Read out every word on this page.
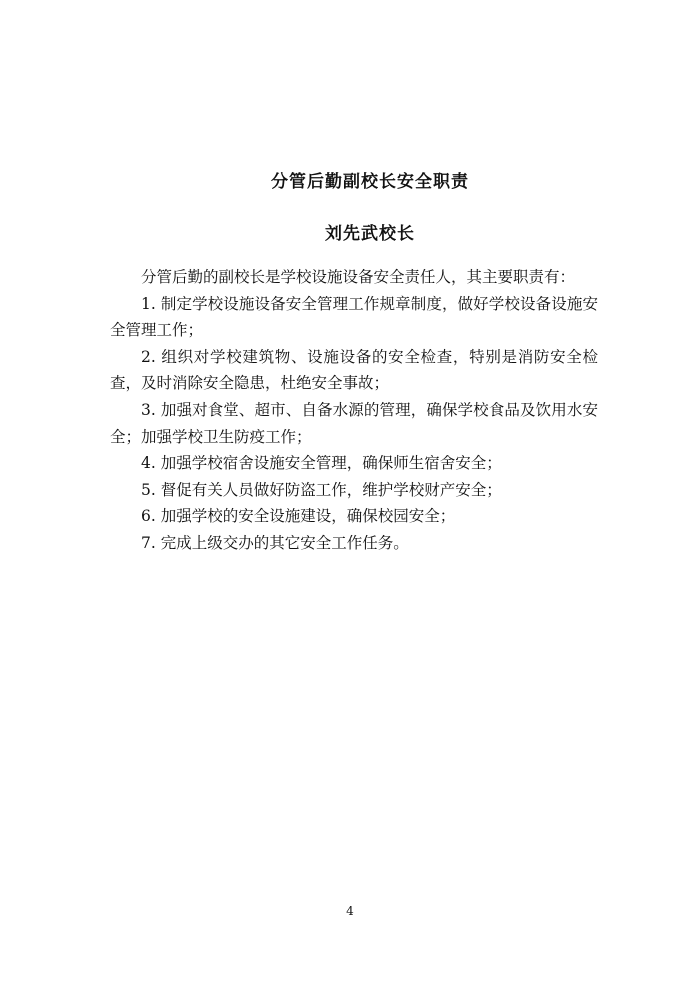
分管后勤副校长安全职责
刘先武校长

分管后勤的副校长是学校设施设备安全责任人，其主要职责有：

1. 制定学校设施设备安全管理工作规章制度，做好学校设备设施安全管理工作；

2. 组织对学校建筑物、设施设备的安全检查，特别是消防安全检查，及时消除安全隐患，杜绝安全事故；

3. 加强对食堂、超市、自备水源的管理，确保学校食品及饮用水安全；加强学校卫生防疫工作；

4. 加强学校宿舍设施安全管理，确保师生宿舍安全；

5. 督促有关人员做好防盗工作，维护学校财产安全；

6. 加强学校的安全设施建设，确保校园安全；

7. 完成上级交办的其它安全工作任务。

4
